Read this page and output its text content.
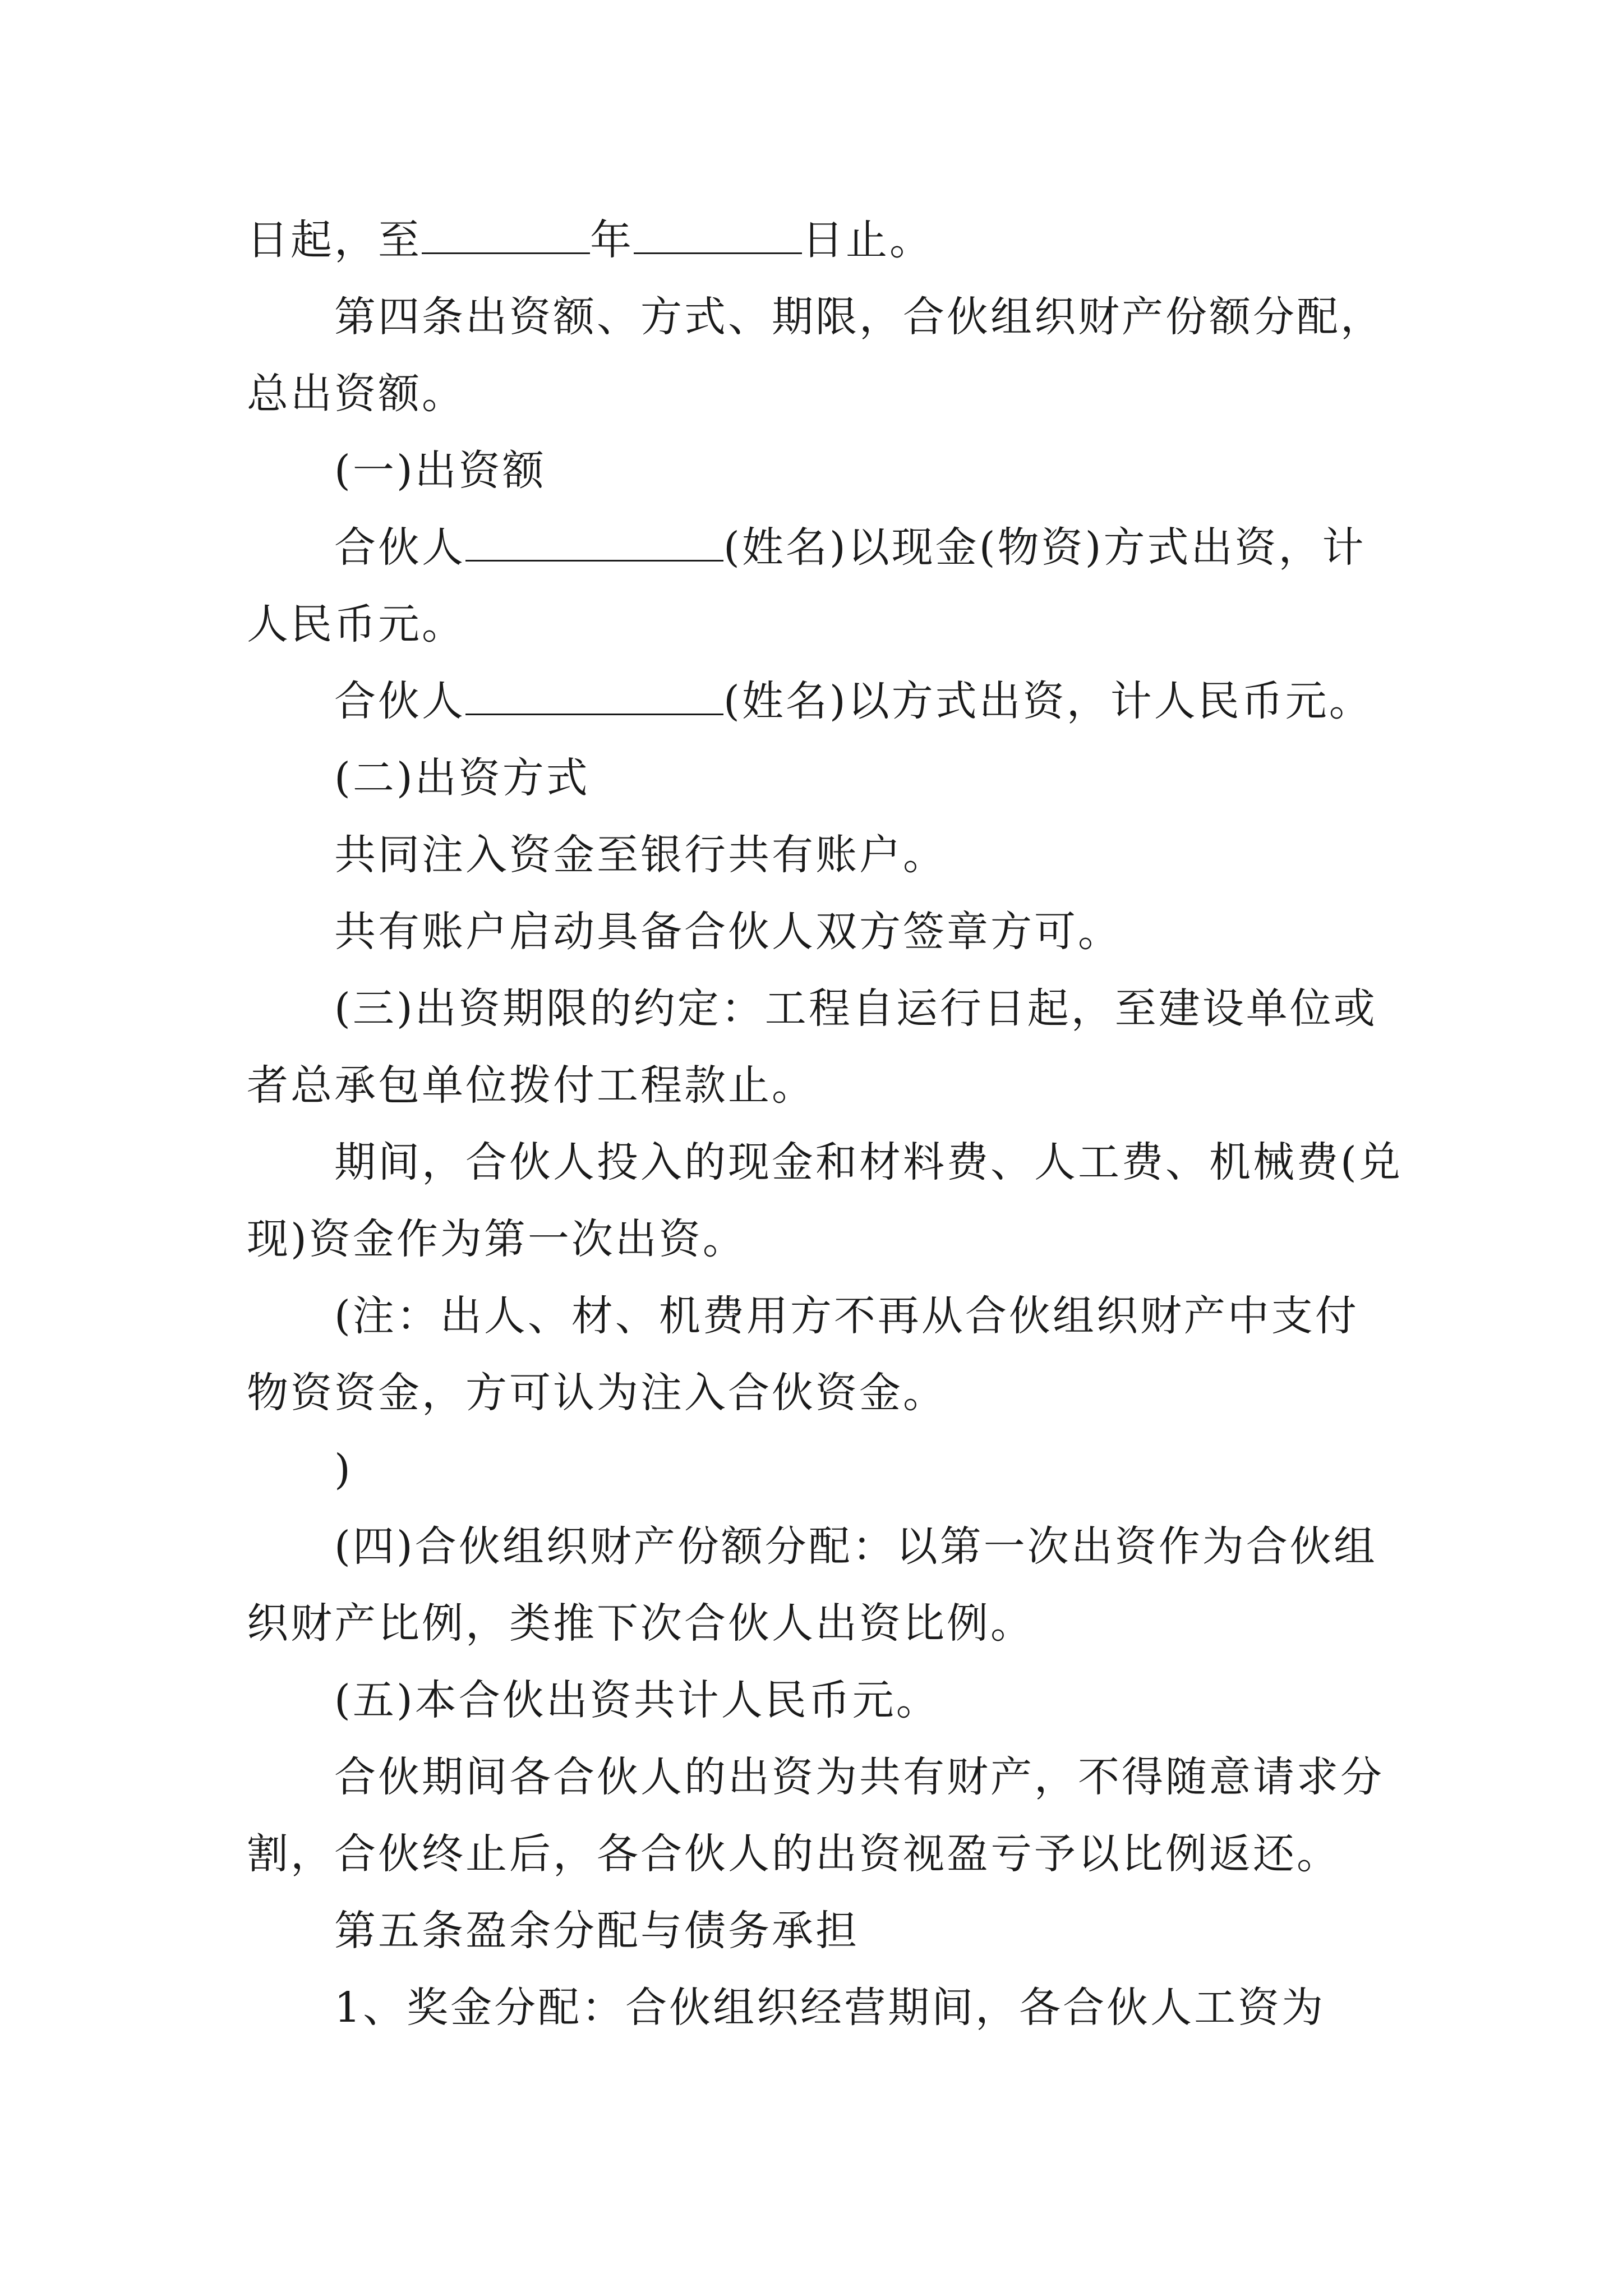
日起，至	年	日止。
第四条出资额、方式、期限，合伙组织财产份额分配，
总出资额。
(一)出资额
合伙人	(姓名)以现金(物资)方式出资，计
人民币元。
合伙人	(姓名)以方式出资，计人民币元。
(二)出资方式
共同注入资金至银行共有账户。
共有账户启动具备合伙人双方签章方可。
(三)出资期限的约定：工程自运行日起，至建设单位或
者总承包单位拨付工程款止。
期间，合伙人投入的现金和材料费、人工费、机械费(兑
现)资金作为第一次出资。
(注：出人、材、机费用方不再从合伙组织财产中支付
物资资金，方可认为注入合伙资金。
)
(四)合伙组织财产份额分配：以第一次出资作为合伙组
织财产比例，类推下次合伙人出资比例。
(五)本合伙出资共计人民币元。
合伙期间各合伙人的出资为共有财产，不得随意请求分
割，合伙终止后，各合伙人的出资视盈亏予以比例返还。
第五条盈余分配与债务承担
1、奖金分配：合伙组织经营期间，各合伙人工资为
